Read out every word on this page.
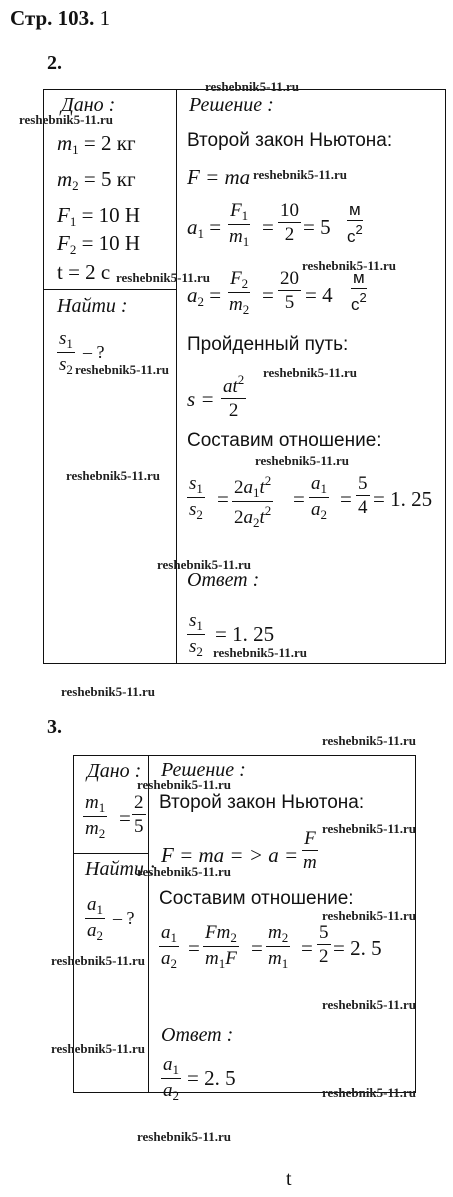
Стр. 103. 1
2.
Дано :
$m_1 = 2$ кг
$m_2 = 5$ кг
$F_1 = 10$ Н
$F_2 = 10$ Н
t = 2 c
Найти :
$\frac{s_1}{s_2}$ – ?
Решение :
Второй закон Ньютона:
F = ma
$a_1 = \frac{F_1}{m_1} = \frac{10}{2} = 5$
м
$с^2$
$a_2 = \frac{F_2}{m_2} = \frac{20}{5} = 4$
м
$с^2$
Пройденный путь:
$s = \frac{at^2}{2}$
Составим отношение:
$\frac{s_1}{s_2} = \frac{2a_1t^2}{2a_2t^2} = \frac{a_1}{a_2} = \frac{5}{4} = 1$. 25
Ответ :
$\frac{s_1}{s_2} = 1$. 25
3.
Дано :
$\frac{m_1}{m_2} = \frac{2}{5}$
Найти :
$\frac{a_1}{a_2}$ – ?
Решение :
Второй закон Ньютона:
F = ma = > $a = \frac{F}{m}$
Составим отношение:
$\frac{a_1}{a_2} = \frac{Fm_2}{m_1F} = \frac{m_2}{m_1} = \frac{5}{2} = 2$. 5
Ответ :
$\frac{a_1}{a_2} = 2$. 5
t
reshebnik5-11.ru
reshebnik5-11.ru
reshebnik5-11.ru
reshebnik5-11.ru
reshebnik5-11.ru
reshebnik5-11.ru	reshebnik5-11.ru
reshebnik5-11.ru
reshebnik5-11.ru
reshebnik5-11.ru
reshebnik5-11.ru
reshebnik5-11.ru
reshebnik5-11.ru
reshebnik5-11.ru
reshebnik5-11.ru
reshebnik5-11.ru
reshebnik5-11.ru
reshebnik5-11.ru
reshebnik5-11.ru
reshebnik5-11.ru
reshebnik5-11.ru
reshebnik5-11.ru
